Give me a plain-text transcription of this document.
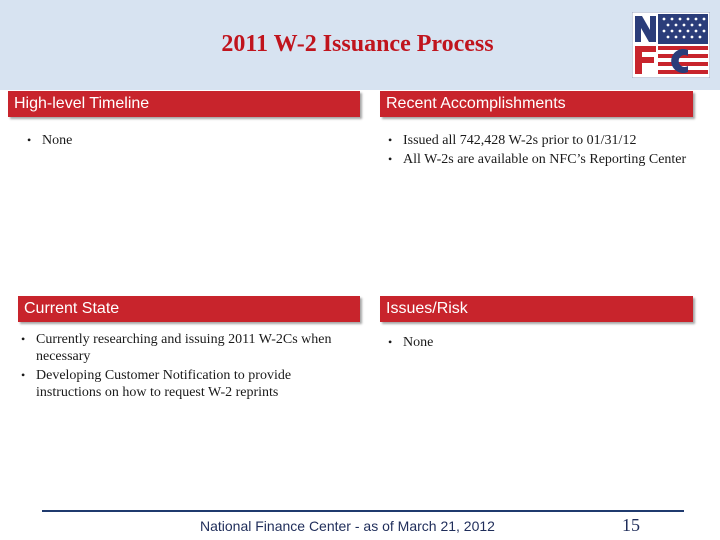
2011 W-2 Issuance Process
High-level Timeline
• None
Recent Accomplishments
• Issued all 742,428 W-2s prior to 01/31/12
• All W-2s are available on NFC’s Reporting Center
Current State
• Currently researching and issuing 2011 W-2Cs when necessary
• Developing Customer Notification to provide instructions on how to request W-2 reprints
Issues/Risk
• None
National Finance Center - as of March 21, 2012	15
